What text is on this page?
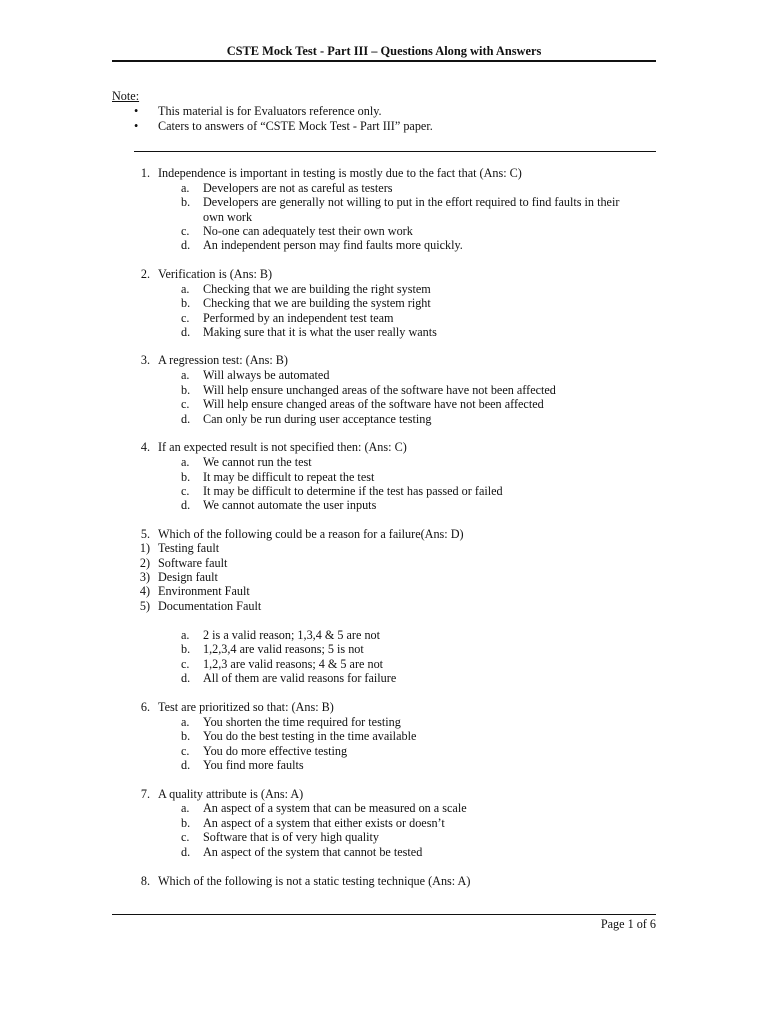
CSTE Mock Test - Part III – Questions Along with Answers
Note:
• This material is for Evaluators reference only.
• Caters to answers of “CSTE Mock Test - Part III” paper.
1. Independence is important in testing is mostly due to the fact that (Ans: C)
a. Developers are not as careful as testers
b. Developers are generally not willing to put in the effort required to find faults in their
own work
c. No-one can adequately test their own work
d. An independent person may find faults more quickly.
2. Verification is (Ans: B)
a. Checking that we are building the right system
b. Checking that we are building the system right
c. Performed by an independent test team
d. Making sure that it is what the user really wants
3. A regression test: (Ans: B)
a. Will always be automated
b. Will help ensure unchanged areas of the software have not been affected
c. Will help ensure changed areas of the software have not been affected
d. Can only be run during user acceptance testing
4. If an expected result is not specified then: (Ans: C)
a. We cannot run the test
b. It may be difficult to repeat the test
c. It may be difficult to determine if the test has passed or failed
d. We cannot automate the user inputs
5. Which of the following could be a reason for a failure(Ans: D)
1) Testing fault
2) Software fault
3) Design fault
4) Environment Fault
5) Documentation Fault
a. 2 is a valid reason; 1,3,4 & 5 are not
b. 1,2,3,4 are valid reasons; 5 is not
c. 1,2,3 are valid reasons; 4 & 5 are not
d. All of them are valid reasons for failure
6. Test are prioritized so that: (Ans: B)
a. You shorten the time required for testing
b. You do the best testing in the time available
c. You do more effective testing
d. You find more faults
7. A quality attribute is (Ans: A)
a. An aspect of a system that can be measured on a scale
b. An aspect of a system that either exists or doesn’t
c. Software that is of very high quality
d. An aspect of the system that cannot be tested
8. Which of the following is not a static testing technique (Ans: A)
Page 1 of 6
